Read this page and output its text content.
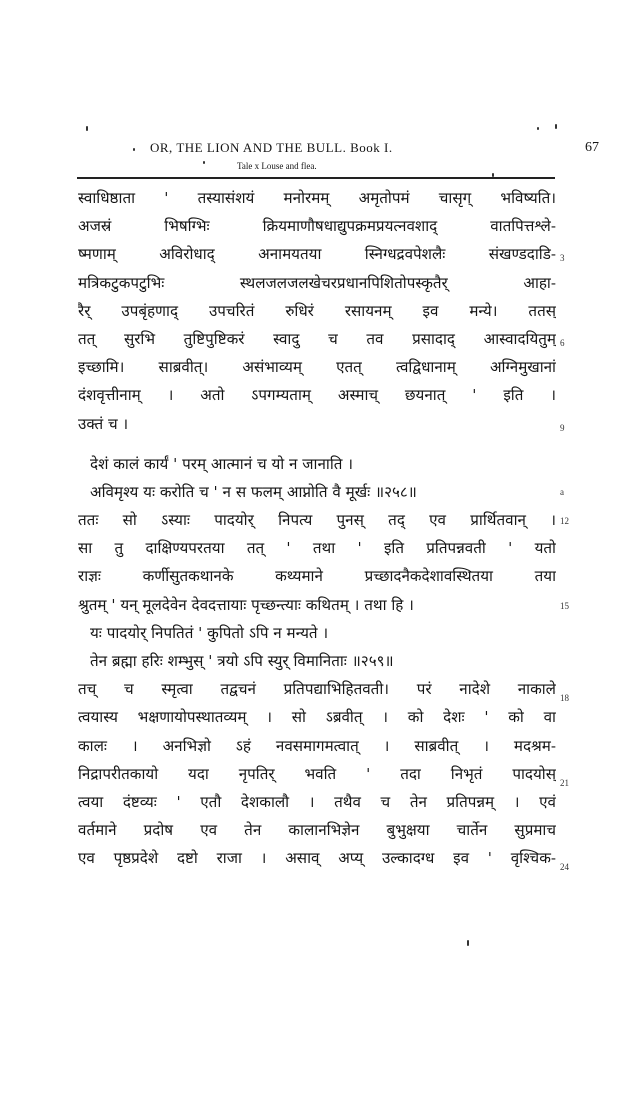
OR, THE LION AND THE BULL. Book I.	67
Tale x Louse and flea.
स्वाधिष्ठाता ' तस्यासंशयं मनोरमम् अमृतोपमं चासृग् भविष्यति।
अजस्रं भिषग्भिः क्रियमाणौषधाद्युपक्रमप्रयत्नवशाद् वातपित्तश्ले-
ष्मणाम् अविरोधाद् अनामयतया स्निग्धद्रवपेशलैः संखण्डदाडि-
मत्रिकटुकपटुभिः स्थलजलजलखेचरप्रधानपिशितोपस्कृतैर् आहा-
रैर् उपबृंहणाद् उपचरितं रुधिरं रसायनम् इव मन्ये। ततस्
तत् सुरभि तुष्टिपुष्टिकरं स्वादु च तव प्रसादाद् आस्वादयितुम्
इच्छामि। साब्रवीत्। असंभाव्यम् एतत् त्वद्विधानाम् अग्निमुखानां
दंशवृत्तीनाम् । अतो ऽपगम्यताम् अस्माच् छयनात् ' इति ।
उक्तं च ।
देशं कालं कार्यं ' परम् आत्मानं च यो न जानाति ।
अविमृश्य यः करोति च ' न स फलम् आप्नोति वै मूर्खः ॥२५८॥
ततः सो ऽस्याः पादयोर् निपत्य पुनस् तद् एव प्रार्थितवान् ।
सा तु दाक्षिण्यपरतया तत् ' तथा ' इति प्रतिपन्नवती ' यतो
राज्ञः कर्णीसुतकथानके कथ्यमाने प्रच्छादनैकदेशावस्थितया तया
श्रुतम् ' यन् मूलदेवेन देवदत्तायाः पृच्छन्त्याः कथितम् । तथा हि ।
यः पादयोर् निपतितं ' कुपितो ऽपि न मन्यते ।
तेन ब्रह्मा हरिः शम्भुस् ' त्रयो ऽपि स्युर् विमानिताः ॥२५९॥
तच् च स्मृत्वा तद्वचनं प्रतिपद्याभिहितवती। परं नादेशे नाकाले
त्वयास्य भक्षणायोपस्थातव्यम् । सो ऽब्रवीत् । को देशः ' को वा
कालः । अनभिज्ञो ऽहं नवसमागमत्वात् । साब्रवीत् । मदश्रम-
निद्रापरीतकायो यदा नृपतिर् भवति ' तदा निभृतं पादयोस्
त्वया दंष्टव्यः ' एतौ देशकालौ । तथैव च तेन प्रतिपन्नम् । एवं
वर्तमाने प्रदोष एव तेन कालानभिज्ञेन बुभुक्षया चार्तेन सुप्रमाच
एव पृष्ठप्रदेशे दष्टो राजा । असाव् अप्य् उल्कादग्ध इव ' वृश्चिक-
3
6
9
a
12
15
18
21
24
